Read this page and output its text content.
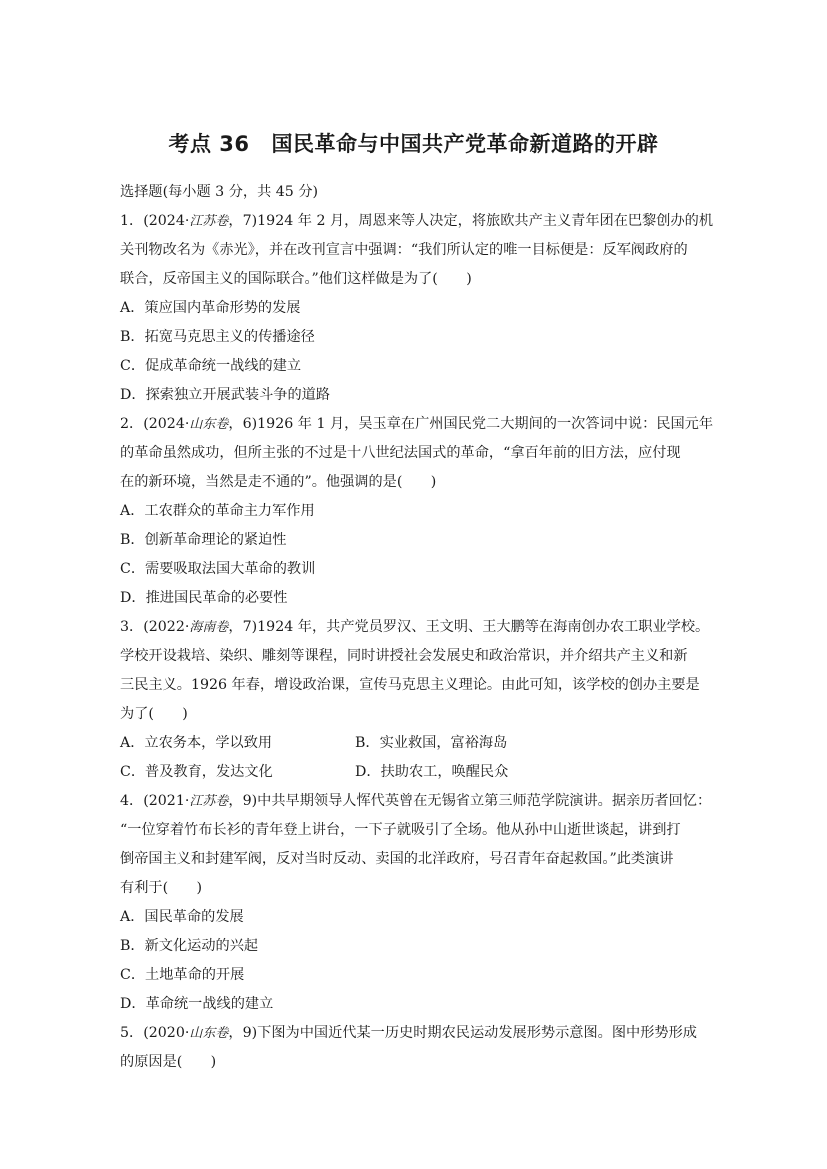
考点 36 国民革命与中国共产党革命新道路的开辟
选择题(每小题 3 分，共 45 分)
1．(2024·江苏卷，7)1924 年 2 月，周恩来等人决定，将旅欧共产主义青年团在巴黎创办的机
关刊物改名为《赤光》，并在改刊宣言中强调：“我们所认定的唯一目标便是：反军阀政府的
联合，反帝国主义的国际联合。”他们这样做是为了(　　)
A．策应国内革命形势的发展
B．拓宽马克思主义的传播途径
C．促成革命统一战线的建立
D．探索独立开展武装斗争的道路
2．(2024·山东卷，6)1926 年 1 月，吴玉章在广州国民党二大期间的一次答词中说：民国元年
的革命虽然成功，但所主张的不过是十八世纪法国式的革命，“拿百年前的旧方法，应付现
在的新环境，当然是走不通的”。他强调的是(　　)
A．工农群众的革命主力军作用
B．创新革命理论的紧迫性
C．需要吸取法国大革命的教训
D．推进国民革命的必要性
3．(2022·海南卷，7)1924 年，共产党员罗汉、王文明、王大鹏等在海南创办农工职业学校。
学校开设栽培、染织、雕刻等课程，同时讲授社会发展史和政治常识，并介绍共产主义和新
三民主义。1926 年春，增设政治课，宣传马克思主义理论。由此可知，该学校的创办主要是
为了(　　)
A．立农务本，学以致用	B．实业救国，富裕海岛
C．普及教育，发达文化	D．扶助农工，唤醒民众
4．(2021·江苏卷，9)中共早期领导人恽代英曾在无锡省立第三师范学院演讲。据亲历者回忆：
“一位穿着竹布长衫的青年登上讲台，一下子就吸引了全场。他从孙中山逝世谈起，讲到打
倒帝国主义和封建军阀，反对当时反动、卖国的北洋政府，号召青年奋起救国。”此类演讲
有利于(　　)
A．国民革命的发展
B．新文化运动的兴起
C．土地革命的开展
D．革命统一战线的建立
5．(2020·山东卷，9)下图为中国近代某一历史时期农民运动发展形势示意图。图中形势形成
的原因是(　　)
